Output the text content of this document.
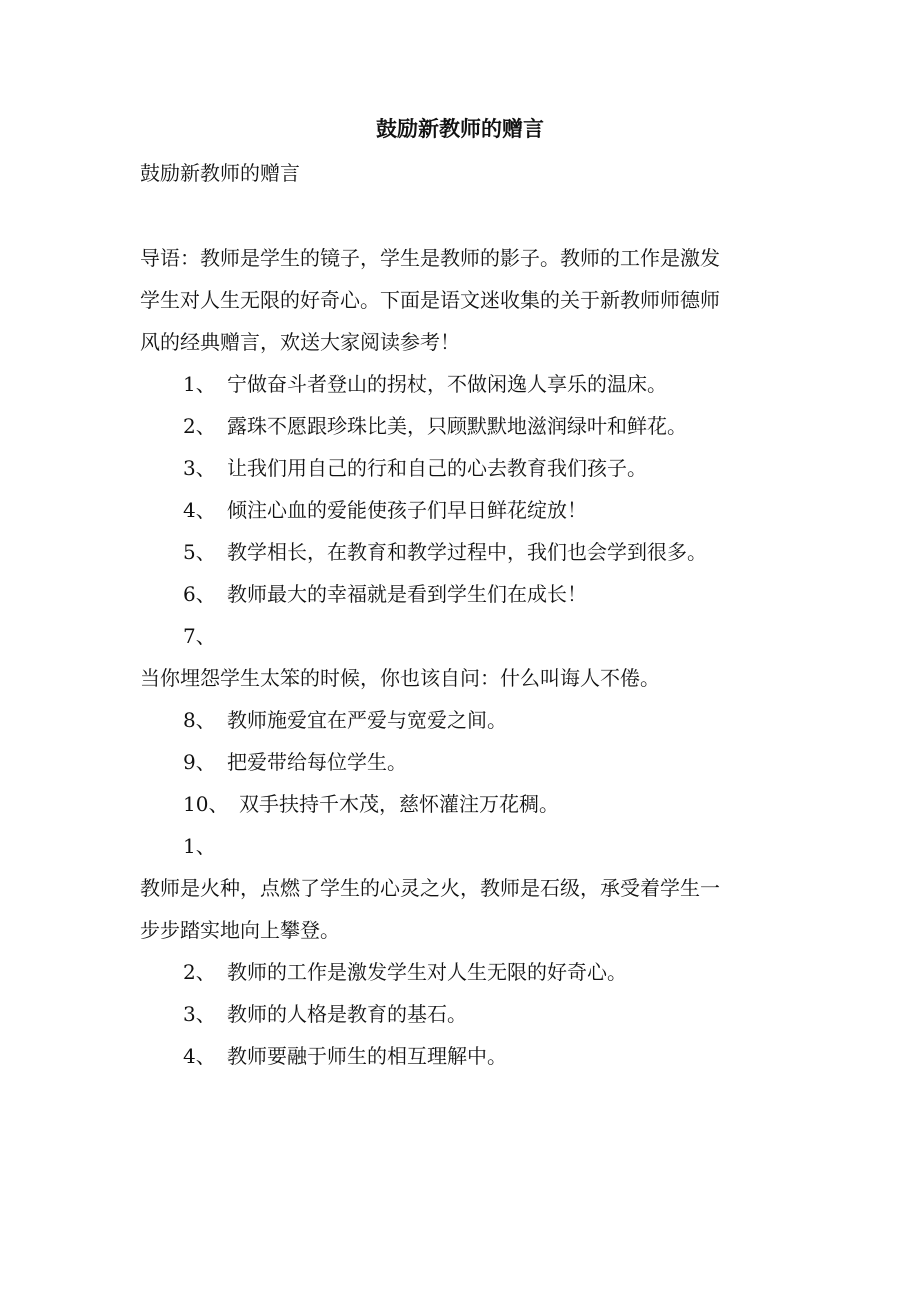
鼓励新教师的赠言

鼓励新教师的赠言

导语：教师是学生的镜子，学生是教师的影子。教师的工作是激发

学生对人生无限的好奇心。下面是语文迷收集的关于新教师师德师

风的经典赠言，欢送大家阅读参考！

1、 宁做奋斗者登山的拐杖，不做闲逸人享乐的温床。

2、 露珠不愿跟珍珠比美，只顾默默地滋润绿叶和鲜花。

3、 让我们用自己的行和自己的心去教育我们孩子。

4、 倾注心血的爱能使孩子们早日鲜花绽放！

5、 教学相长，在教育和教学过程中，我们也会学到很多。

6、 教师最大的幸福就是看到学生们在成长！

7、

当你埋怨学生太笨的时候，你也该自问：什么叫诲人不倦。

8、 教师施爱宜在严爱与宽爱之间。

9、 把爱带给每位学生。

10、 双手扶持千木茂，慈怀灌注万花稠。

1、

教师是火种，点燃了学生的心灵之火，教师是石级，承受着学生一

步步踏实地向上攀登。

2、 教师的工作是激发学生对人生无限的好奇心。

3、 教师的人格是教育的基石。

4、 教师要融于师生的相互理解中。
